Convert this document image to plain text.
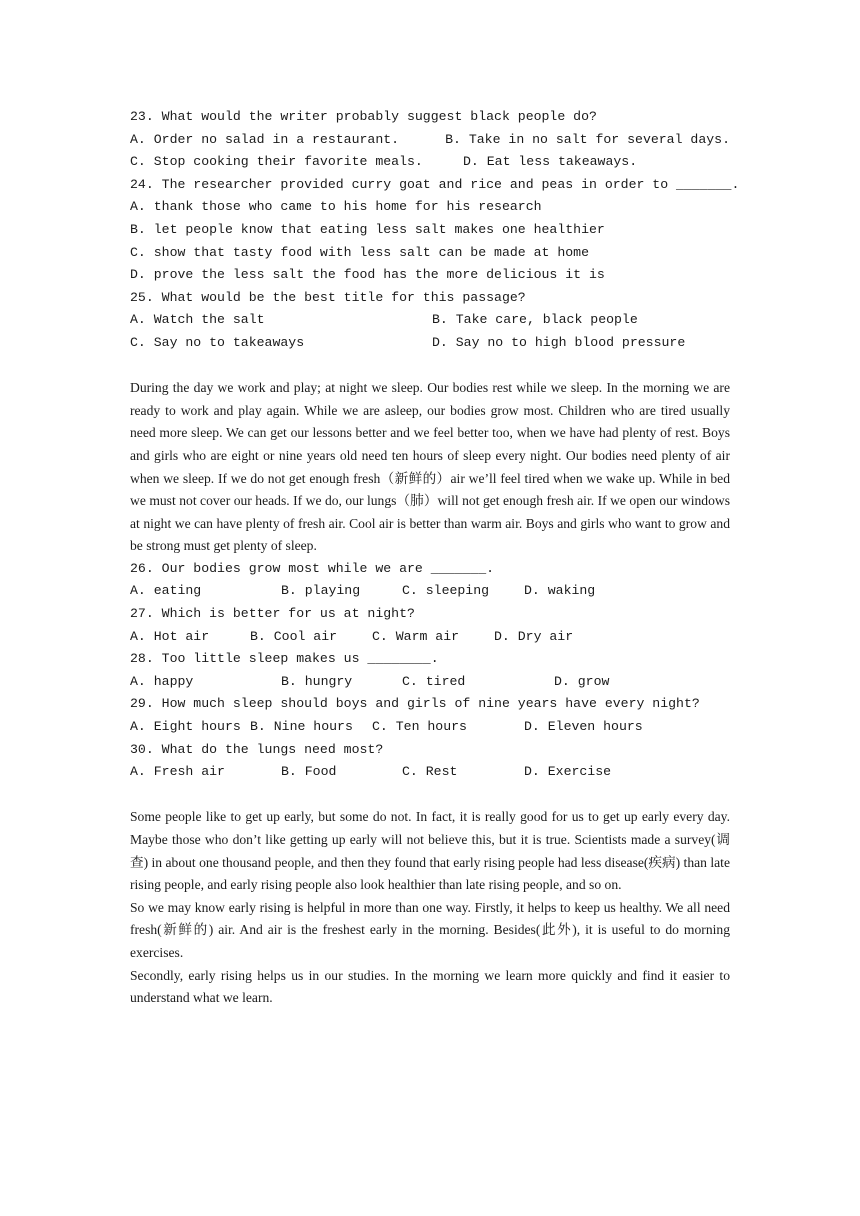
23. What would the writer probably suggest black people do?
A. Order no salad in a restaurant.	B. Take in no salt for several days.
C. Stop cooking their favorite meals.	D. Eat less takeaways.
24. The researcher provided curry goat and rice and peas in order to _______.
A. thank those who came to his home for his research
B. let people know that eating less salt makes one healthier
C. show that tasty food with less salt can be made at home
D. prove the less salt the food has the more delicious it is
25. What would be the best title for this passage?
A. Watch the salt	B. Take care, black people
C. Say no to takeaways	D. Say no to high blood pressure

During the day we work and play; at night we sleep. Our bodies rest while we sleep. In the morning we are ready to work and play again. While we are asleep, our bodies grow most. Children who are tired usually need more sleep. We can get our lessons better and we feel better too, when we have had plenty of rest. Boys and girls who are eight or nine years old need ten hours of sleep every night. Our bodies need plenty of air when we sleep. If we do not get enough fresh（新鲜的）air we’ll feel tired when we wake up. While in bed we must not cover our heads. If we do, our lungs（肺）will not get enough fresh air. If we open our windows at night we can have plenty of fresh air. Cool air is better than warm air. Boys and girls who want to grow and be strong must get plenty of sleep.

26. Our bodies grow most while we are _______.
A. eating	B. playing	C. sleeping	D. waking
27. Which is better for us at night?
A. Hot air	B. Cool air	C. Warm air	D. Dry air
28. Too little sleep makes us ________.
A. happy	B. hungry	C. tired	D. grow
29. How much sleep should boys and girls of nine years have every night?
A. Eight hours B. Nine hours	C. Ten hours	D. Eleven hours
30. What do the lungs need most?
A. Fresh air	B. Food	C. Rest	D. Exercise

Some people like to get up early, but some do not. In fact, it is really good for us to get up early every day. Maybe those who don’t like getting up early will not believe this, but it is true. Scientists made a survey(调查) in about one thousand people, and then they found that early rising people had less disease(疾病) than late rising people, and early rising people also look healthier than late rising people, and so on.

So we may know early rising is helpful in more than one way. Firstly, it helps to keep us healthy. We all need fresh(新鲜的) air. And air is the freshest early in the morning. Besides(此外), it is useful to do morning exercises.

Secondly, early rising helps us in our studies. In the morning we learn more quickly and find it easier to understand what we learn.
